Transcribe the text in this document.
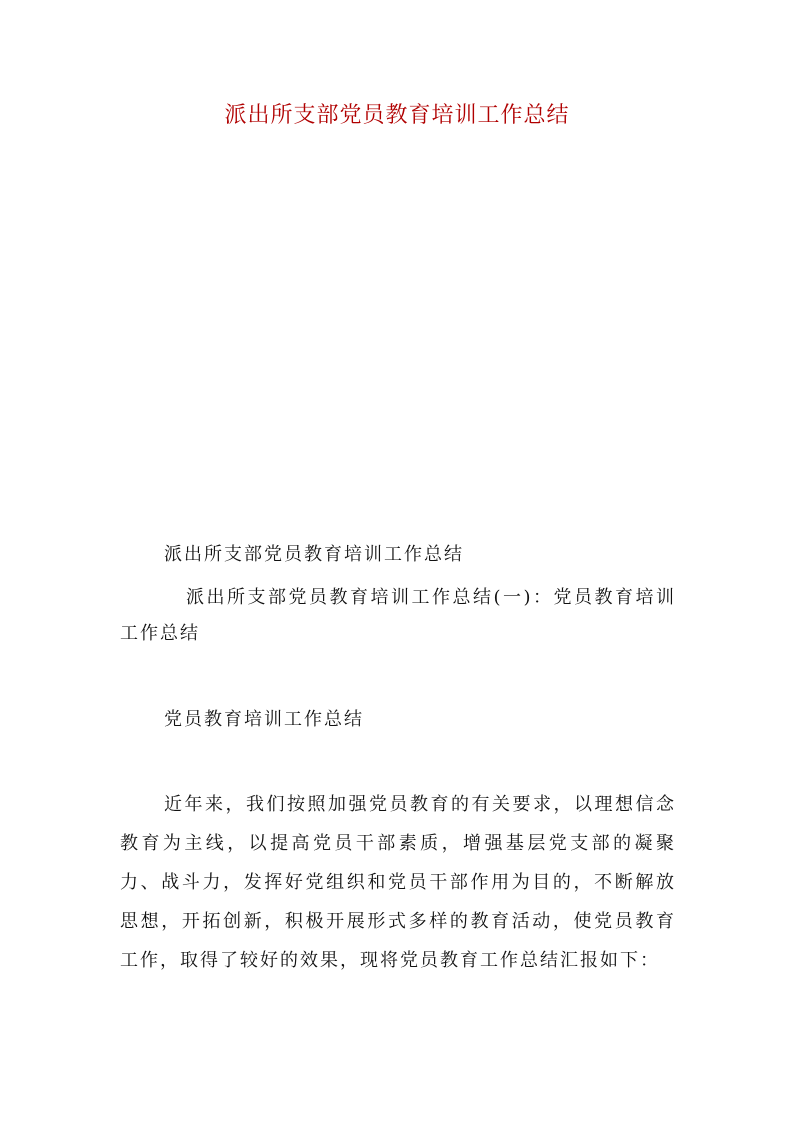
派出所支部党员教育培训工作总结

派出所支部党员教育培训工作总结

派出所支部党员教育培训工作总结(一)：党员教育培训工作总结

党员教育培训工作总结

近年来，我们按照加强党员教育的有关要求，以理想信念教育为主线，以提高党员干部素质，增强基层党支部的凝聚力、战斗力，发挥好党组织和党员干部作用为目的，不断解放思想，开拓创新，积极开展形式多样的教育活动，使党员教育工作，取得了较好的效果，现将党员教育工作总结汇报如下：
